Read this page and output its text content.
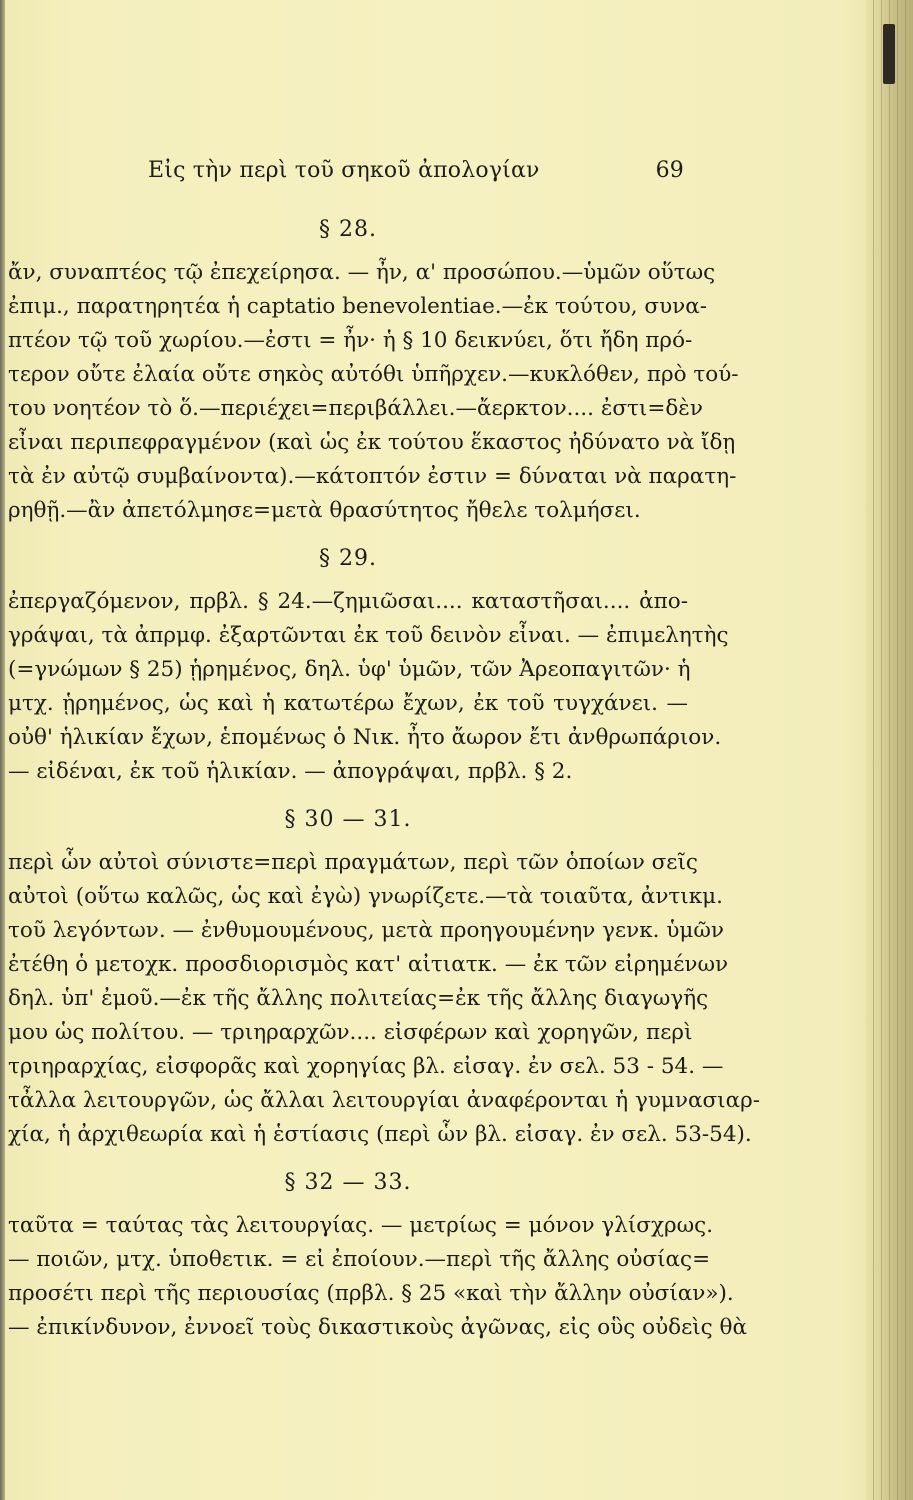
Εἰς τὴν περὶ τοῦ σηκοῦ ἀπολογίαν	69
§ 28.
ἄν, συναπτέος τῷ ἐπεχείρησα. — ἦν, α' προσώπου.—ὑμῶν οὕτως
ἐπιμ., παρατηρητέα ἡ captatio benevolentiae.—ἐκ τούτου, συνα-
πτέον τῷ τοῦ χωρίου.—ἐστι = ἦν· ἡ § 10 δεικνύει, ὅτι ἤδη πρό-
τερον οὔτε ἐλαία οὔτε σηκὸς αὐτόθι ὑπῆρχεν.—κυκλόθεν, πρὸ τού-
του νοητέον τὸ ὅ.—περιέχει=περιβάλλει.—ἄερκτον.... ἐστι=δὲν
εἶναι περιπεφραγμένον (καὶ ὡς ἐκ τούτου ἕκαστος ἠδύνατο νὰ ἴδῃ
τὰ ἐν αὐτῷ συμβαίνοντα).—κάτοπτόν ἐστιν = δύναται νὰ παρατη-
ρηθῇ.—ἂν ἀπετόλμησε=μετὰ θρασύτητος ἤθελε τολμήσει.
§ 29.
ἐπεργαζόμενον, πρβλ. § 24.—ζημιῶσαι.... καταστῆσαι.... ἀπο-
γράψαι, τὰ ἀπρμφ. ἐξαρτῶνται ἐκ τοῦ δεινὸν εἶναι. — ἐπιμελητὴς
(=γνώμων § 25) ᾑρημένος, δηλ. ὑφ' ὑμῶν, τῶν Ἀρεοπαγιτῶν· ἡ
μτχ. ᾑρημένος, ὡς καὶ ἡ κατωτέρω ἔχων, ἐκ τοῦ τυγχάνει. —
οὐθ' ἡλικίαν ἔχων, ἑπομένως ὁ Νικ. ἦτο ἄωρον ἔτι ἀνθρωπάριον.
— εἰδέναι, ἐκ τοῦ ἡλικίαν. — ἀπογράψαι, πρβλ. § 2.
§ 30 — 31.
περὶ ὧν αὐτοὶ σύνιστε=περὶ πραγμάτων, περὶ τῶν ὁποίων σεῖς
αὐτοὶ (οὕτω καλῶς, ὡς καὶ ἐγὼ) γνωρίζετε.—τὰ τοιαῦτα, ἀντικμ.
τοῦ λεγόντων. — ἐνθυμουμένους, μετὰ προηγουμένην γενκ. ὑμῶν
ἐτέθη ὁ μετοχκ. προσδιορισμὸς κατ' αἰτιατκ. — ἐκ τῶν εἰρημένων
δηλ. ὑπ' ἐμοῦ.—ἐκ τῆς ἄλλης πολιτείας=ἐκ τῆς ἄλλης διαγωγῆς
μου ὡς πολίτου. — τριηραρχῶν.... εἰσφέρων καὶ χορηγῶν, περὶ
τριηραρχίας, εἰσφορᾶς καὶ χορηγίας βλ. εἰσαγ. ἐν σελ. 53 - 54. —
τἆλλα λειτουργῶν, ὡς ἄλλαι λειτουργίαι ἀναφέρονται ἡ γυμνασιαρ-
χία, ἡ ἀρχιθεωρία καὶ ἡ ἑστίασις (περὶ ὧν βλ. εἰσαγ. ἐν σελ. 53-54).
§ 32 — 33.
ταῦτα = ταύτας τὰς λειτουργίας. — μετρίως = μόνον γλίσχρως.
— ποιῶν, μτχ. ὑποθετικ. = εἰ ἐποίουν.—περὶ τῆς ἄλλης οὐσίας=
προσέτι περὶ τῆς περιουσίας (πρβλ. § 25 «καὶ τὴν ἄλλην οὐσίαν»).
— ἐπικίνδυνον, ἐννοεῖ τοὺς δικαστικοὺς ἀγῶνας, εἰς οὓς οὐδεὶς θὰ
